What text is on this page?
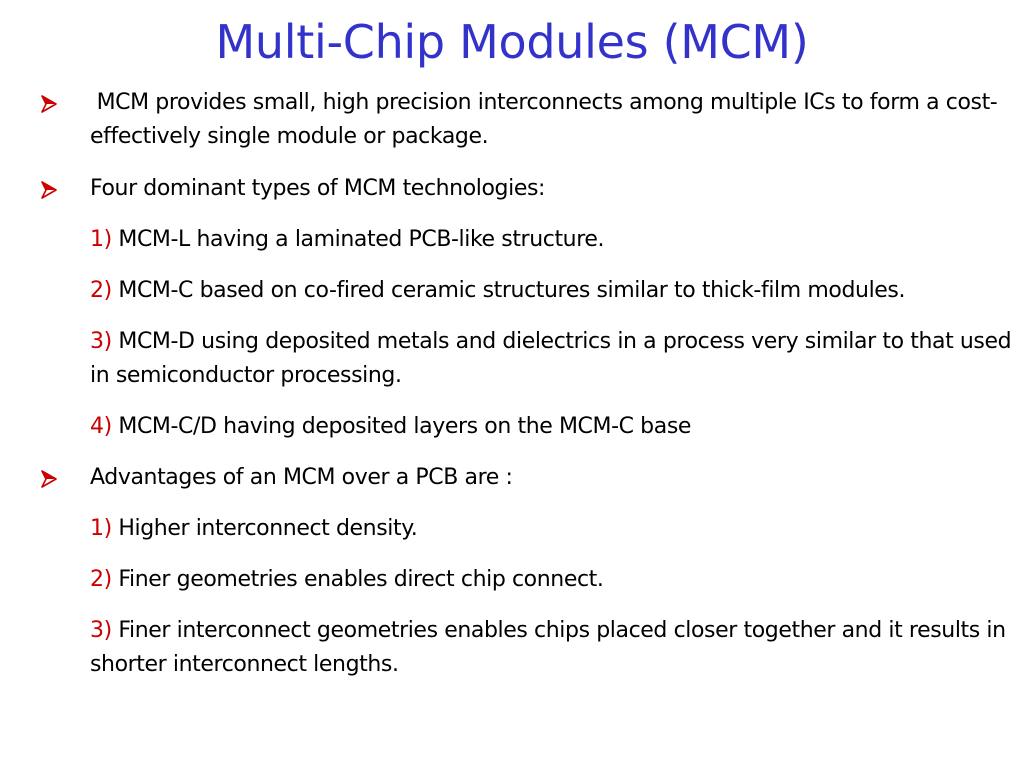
Multi-Chip Modules (MCM)
MCM provides small, high precision interconnects among multiple ICs to form a cost-effectively single module or package.
Four dominant types of MCM technologies:
1) MCM-L having a laminated PCB-like structure.
2) MCM-C based on co-fired ceramic structures similar to thick-film modules.
3) MCM-D using deposited metals and dielectrics in a process very similar to that used in semiconductor processing.
4) MCM-C/D having deposited layers on the MCM-C base
Advantages of an MCM over a PCB are :
1) Higher interconnect density.
2) Finer geometries enables direct chip connect.
3) Finer interconnect geometries enables chips placed closer together and it results in shorter interconnect lengths.
